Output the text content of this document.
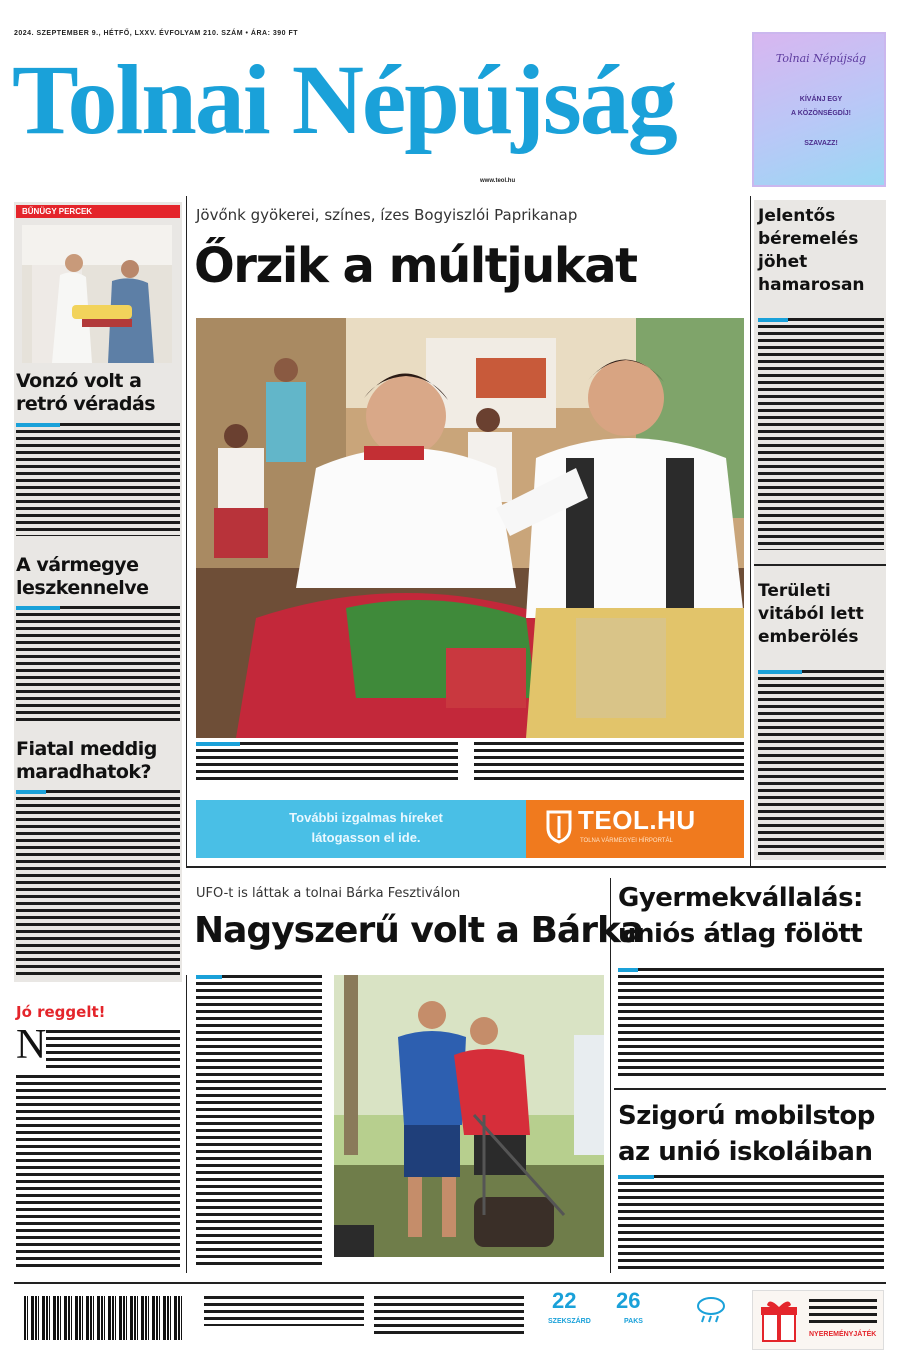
2024. SZEPTEMBER 9., HÉTFŐ, LXXV. ÉVFOLYAM 210. SZÁM • ÁRA: 390 FT
Tolnai Népújság
www.teol.hu
Tolnai Népújság
KÍVÁNJ EGY
A KÖZÖNSÉGDÍJ!
SZAVAZZ!
BŰNÜGY PERCEK
Vonzó volt a retró véradás
A vármegye leszkennelve
Fiatal meddig maradhatok?
Jó reggelt!
N
Jövőnk gyökerei, színes, ízes Bogyiszlói Paprikanap
Őrzik a múltjukat
További izgalmas híreket
látogasson el ide.
TEOL.HU
TOLNA VÁRMEGYEI HÍRPORTÁL
Jelentős béremelés jöhet hamarosan
Területi vitából lett emberölés
UFO-t is láttak a tolnai Bárka Fesztiválon
Nagyszerű volt a Bárka
Gyermekvállalás: uniós átlag fölött
Szigorú mobilstop az unió iskoláiban
22
SZEKSZÁRD
26
PAKS
NYEREMÉNYJÁTÉK
